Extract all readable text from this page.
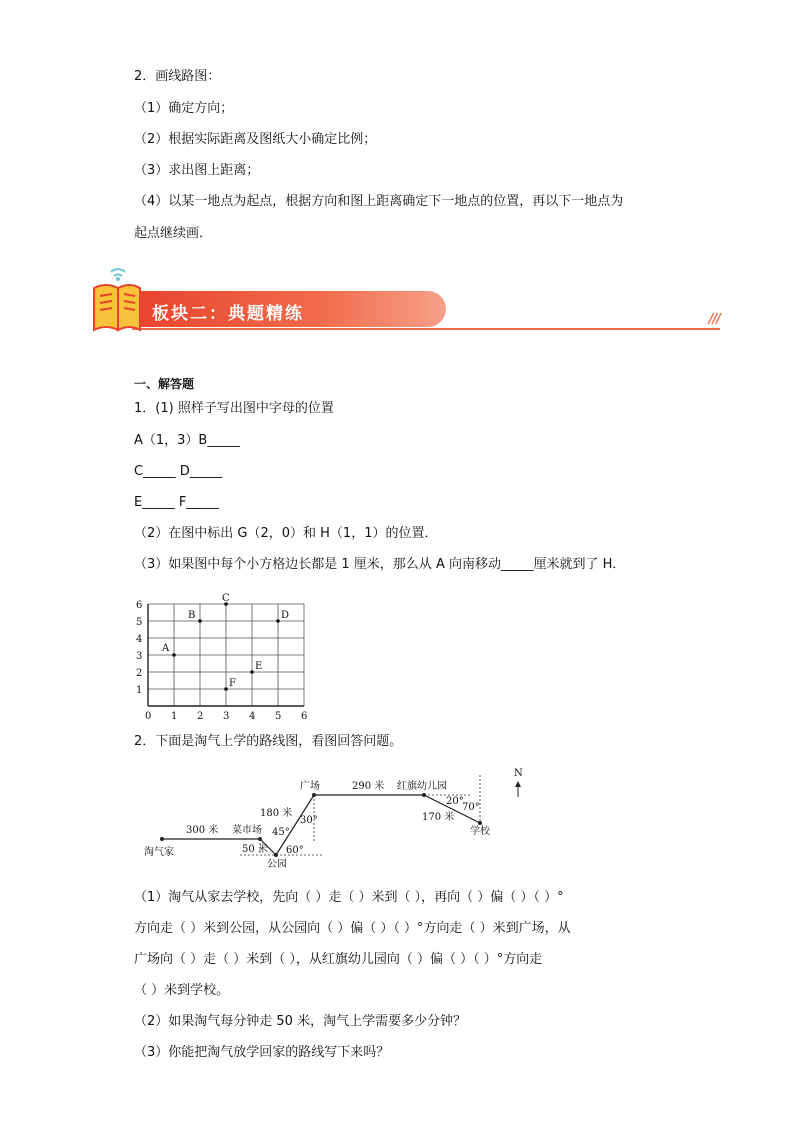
2．画线路图：
（1）确定方向；
（2）根据实际距离及图纸大小确定比例；
（3）求出图上距离；
（4）以某一地点为起点，根据方向和图上距离确定下一地点的位置，再以下一地点为
起点继续画．
板块二：典题精练	///
一、解答题
1．(1) 照样子写出图中字母的位置
A（1，3）B_____
C_____ D_____
E_____ F_____
（2）在图中标出 G（2，0）和 H（1，1）的位置．
（3）如果图中每个小方格边长都是 1 厘米，那么从 A 向南移动_____厘米就到了 H．
0 1 2 3 4 5 6
1
2
3
4
5
6
A
B
C
D
E
F
2．下面是淘气上学的路线图，看图回答问题。
N
淘气家
菜市场
公园
广场	红旗幼儿园
学校
300 米
50 米
180 米
290 米
170 米
45°
60°
30°
20°
70°
（1）淘气从家去学校，先向（ ）走（ ）米到（ ），再向（ ）偏（ ）（ ）°
方向走（ ）米到公园，从公园向（ ）偏（ ）（ ）°方向走（ ）米到广场，从
广场向（ ）走（ ）米到（ ），从红旗幼儿园向（ ）偏（ ）（ ）°方向走
（ ）米到学校。
（2）如果淘气每分钟走 50 米，淘气上学需要多少分钟？
（3）你能把淘气放学回家的路线写下来吗？
